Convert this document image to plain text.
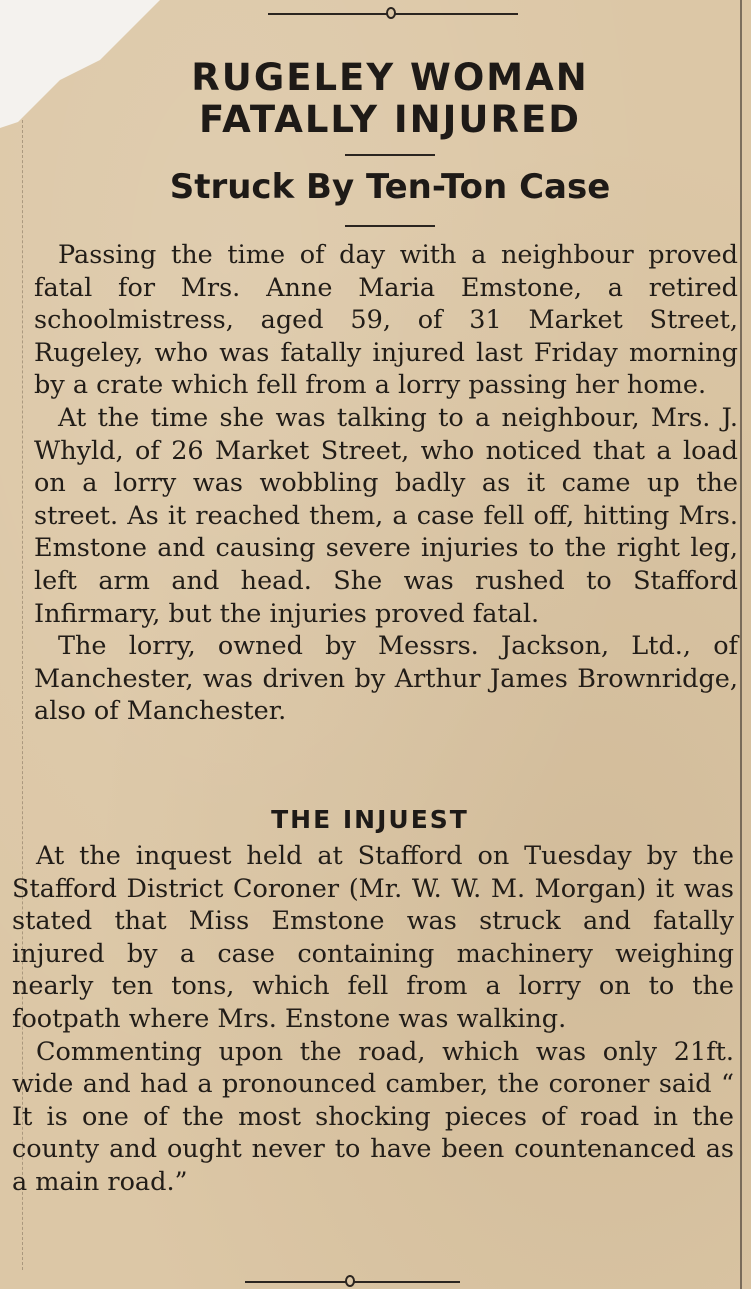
RUGELEY WOMAN
FATALLY INJURED
Struck By Ten-Ton Case

Passing the time of day with a neighbour proved fatal for Mrs. Anne Maria Emstone, a retired schoolmistress, aged 59, of 31 Market Street, Rugeley, who was fatally injured last Friday morning by a crate which fell from a lorry passing her home.

At the time she was talking to a neighbour, Mrs. J. Whyld, of 26 Market Street, who noticed that a load on a lorry was wobbling badly as it came up the street. As it reached them, a case fell off, hitting Mrs. Emstone and causing severe injuries to the right leg, left arm and head. She was rushed to Stafford Infirmary, but the injuries proved fatal.

The lorry, owned by Messrs. Jackson, Ltd., of Manchester, was driven by Arthur James Brownridge, also of Manchester.

THE INJUEST

At the inquest held at Stafford on Tuesday by the Stafford District Coroner (Mr. W. W. M. Morgan) it was stated that Miss Emstone was struck and fatally injured by a case containing machinery weighing nearly ten tons, which fell from a lorry on to the footpath where Mrs. Enstone was walking.

Commenting upon the road, which was only 21ft. wide and had a pronounced camber, the coroner said “ It is one of the most shocking pieces of road in the county and ought never to have been countenanced as a main road.”
